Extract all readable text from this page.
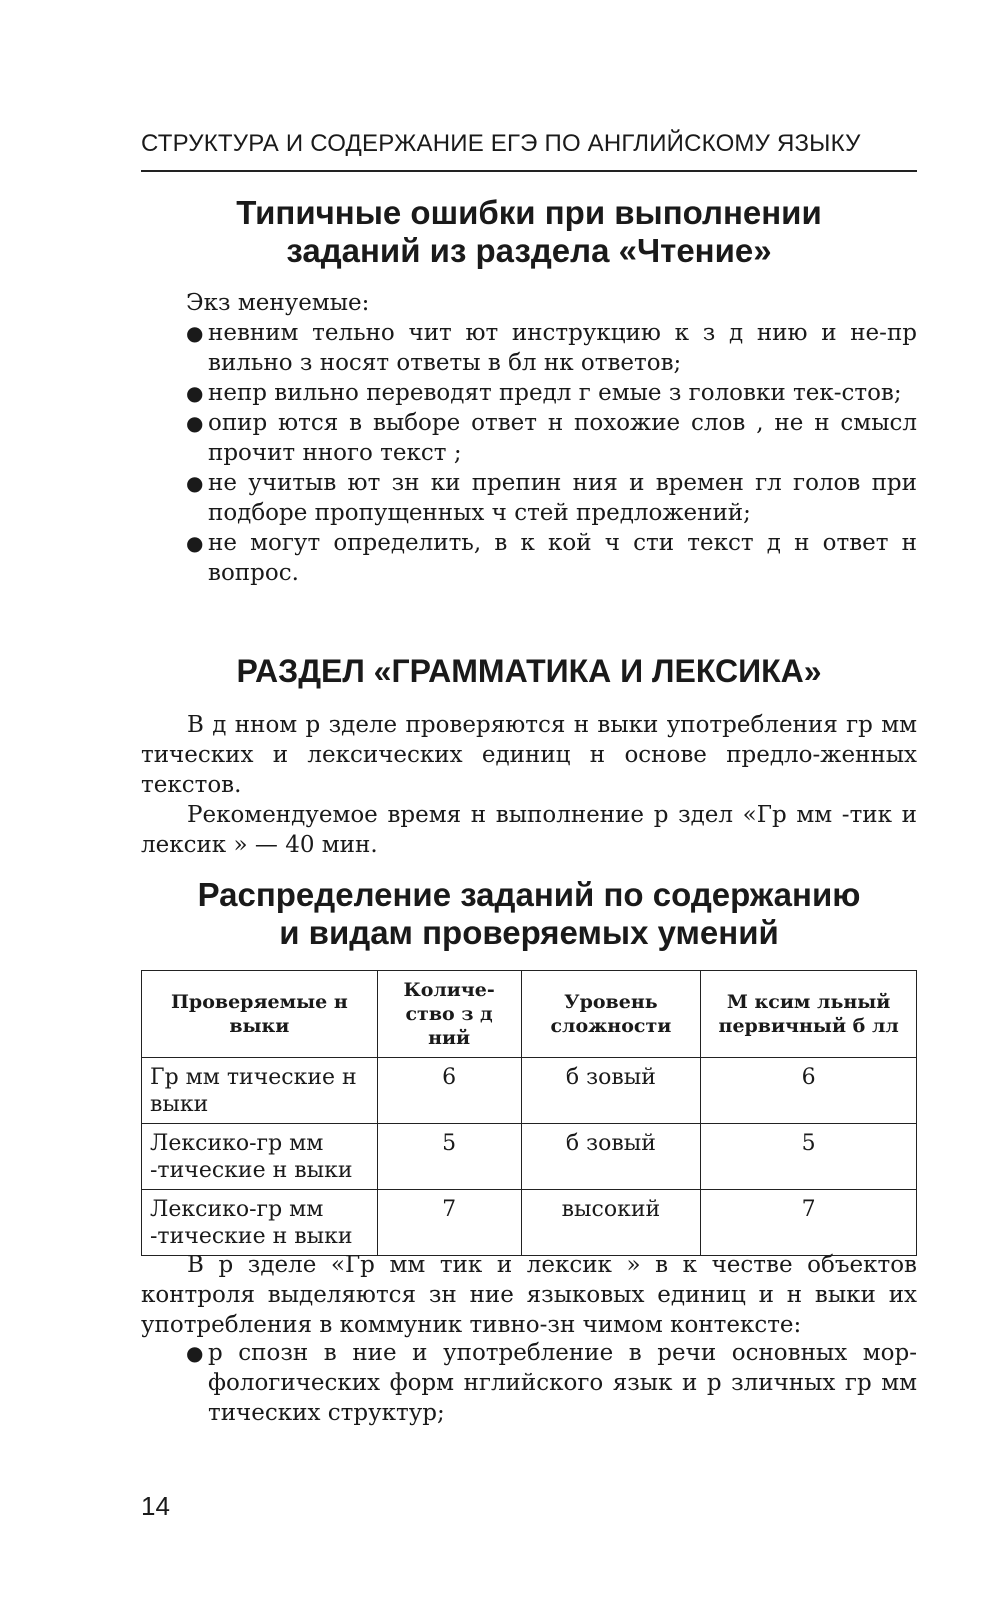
СТРУКТУРА И СОДЕРЖАНИЕ ЕГЭ ПО АНГЛИЙСКОМУ ЯЗЫКУ
Типичные ошибки при выполнении
заданий из раздела «Чтение»
Экз менуемые:
● невним тельно чит ют инструкцию к з д нию и не-пр вильно з носят ответы в бл нк ответов;
● непр вильно переводят предл г емые з головки тек-стов;
● опир ются в выборе ответ н похожие слов , не н смысл прочит нного текст ;
● не учитыв ют зн ки препин ния и времен гл голов при подборе пропущенных ч стей предложений;
● не могут определить, в к кой ч сти текст д н ответ н вопрос.
РАЗДЕЛ «ГРАММАТИКА И ЛЕКСИКА»
В д нном р зделе проверяются н выки употребления гр мм тических и лексических единиц н основе предло-женных текстов.
Рекомендуемое время н выполнение р здел «Гр мм -тик и лексик » — 40 мин.
Распределение заданий по содержанию
и видам проверяемых умений
Проверяемые н выки	Количе-ство з д ний	Уровень сложности	М ксим льный первичный б лл
Гр мм тические н выки	6	б зовый	6
Лексико-гр мм -тические н выки	5	б зовый	5
Лексико-гр мм -тические н выки	7	высокий	7
В р зделе «Гр мм тик и лексик » в к честве объектов контроля выделяются зн ние языковых единиц и н выки их употребления в коммуник тивно-зн чимом контексте:
● р спозн в ние и употребление в речи основных мор-фологических форм нглийского язык и р зличных гр мм тических структур;
14
